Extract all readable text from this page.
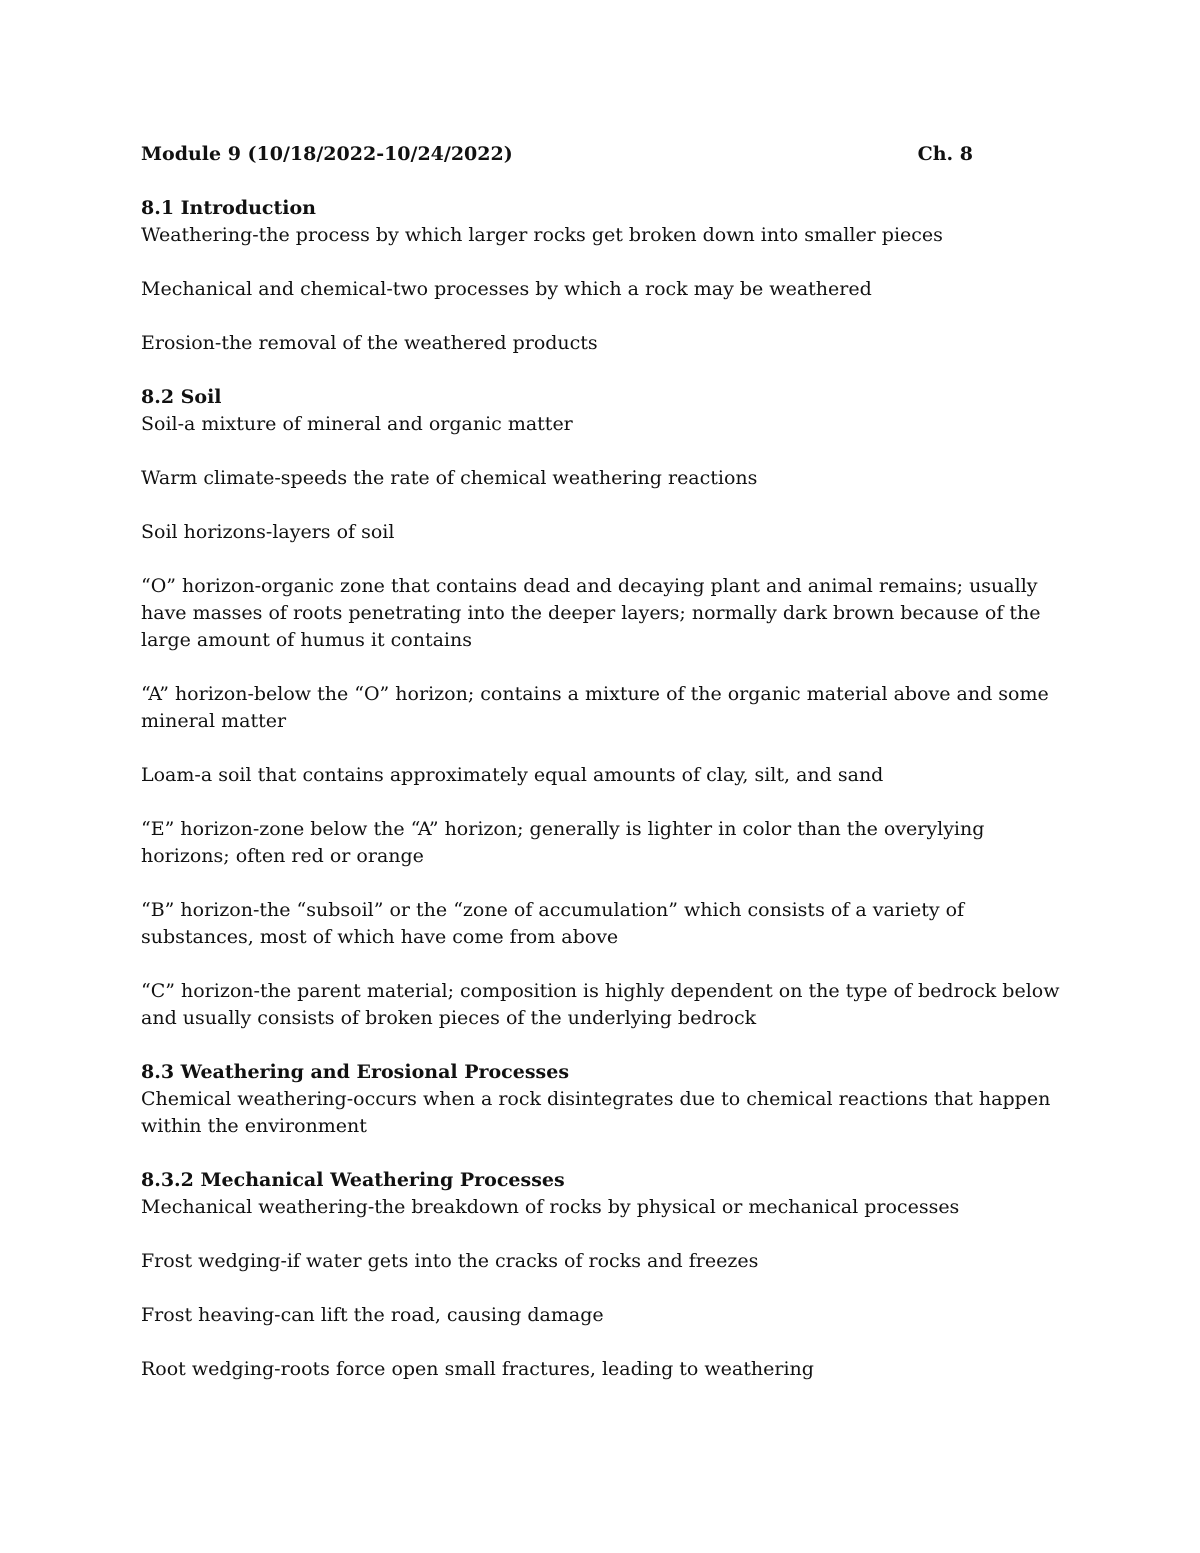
Module 9 (10/18/2022-10/24/2022)	Ch. 8
8.1 Introduction

Weathering-the process by which larger rocks get broken down into smaller pieces

Mechanical and chemical-two processes by which a rock may be weathered

Erosion-the removal of the weathered products

8.2 Soil

Soil-a mixture of mineral and organic matter

Warm climate-speeds the rate of chemical weathering reactions

Soil horizons-layers of soil

“O” horizon-organic zone that contains dead and decaying plant and animal remains; usually have masses of roots penetrating into the deeper layers; normally dark brown because of the large amount of humus it contains

“A” horizon-below the “O” horizon; contains a mixture of the organic material above and some mineral matter

Loam-a soil that contains approximately equal amounts of clay, silt, and sand

“E” horizon-zone below the “A” horizon; generally is lighter in color than the overylying horizons; often red or orange

“B” horizon-the “subsoil” or the “zone of accumulation” which consists of a variety of substances, most of which have come from above

“C” horizon-the parent material; composition is highly dependent on the type of bedrock below and usually consists of broken pieces of the underlying bedrock

8.3 Weathering and Erosional Processes

Chemical weathering-occurs when a rock disintegrates due to chemical reactions that happen within the environment

8.3.2 Mechanical Weathering Processes

Mechanical weathering-the breakdown of rocks by physical or mechanical processes

Frost wedging-if water gets into the cracks of rocks and freezes

Frost heaving-can lift the road, causing damage

Root wedging-roots force open small fractures, leading to weathering
